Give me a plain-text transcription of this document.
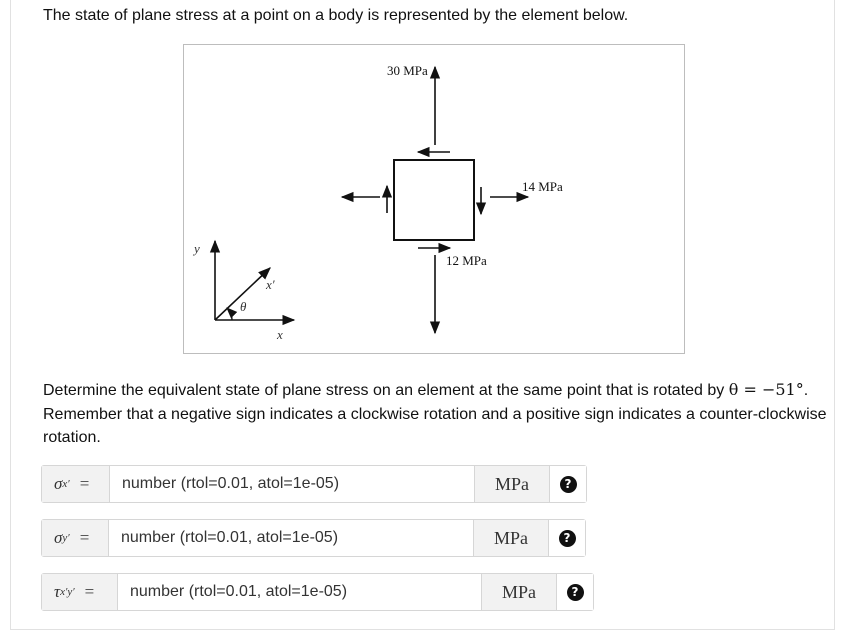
The state of plane stress at a point on a body is represented by the element below.

30 MPa
12 MPa
14 MPa
y
x
x′
θ

Determine the equivalent state of plane stress on an element at the same point that is rotated by θ = −51°. Remember that a negative sign indicates a clockwise rotation and a positive sign indicates a counter-clockwise rotation.

σ x′ =
number (rtol=0.01, atol=1e-05)	MPa	?
σ y′ =
number (rtol=0.01, atol=1e-05)	MPa	?
τ x′y′ =
number (rtol=0.01, atol=1e-05)	MPa	?
